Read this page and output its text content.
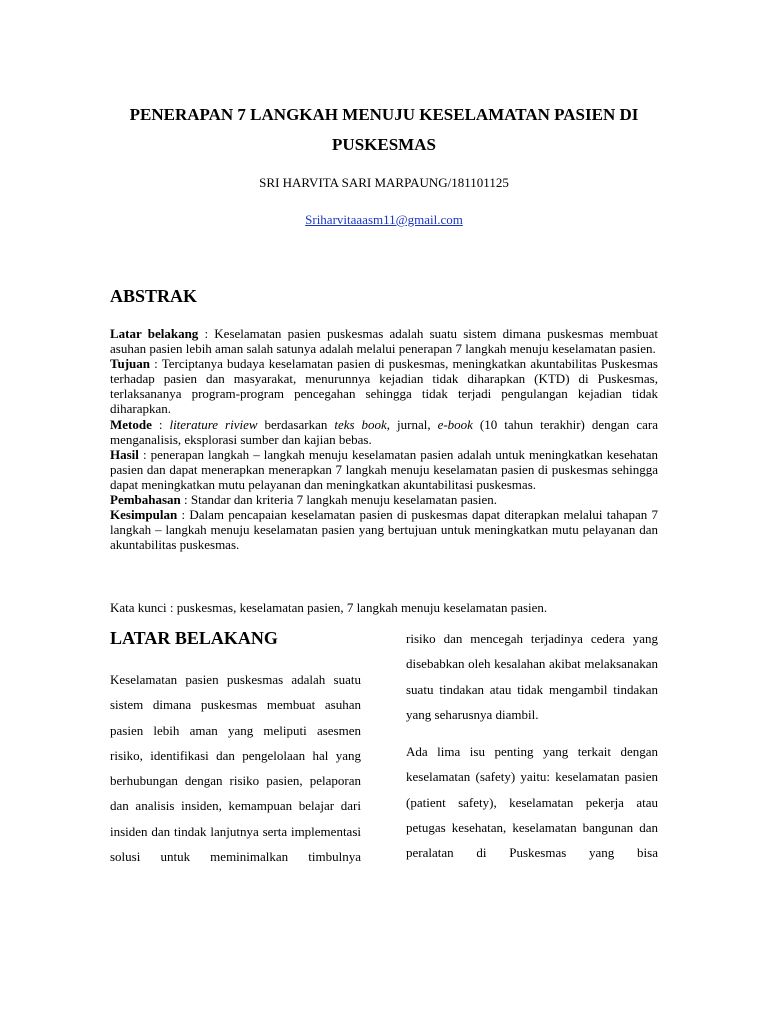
PENERAPAN 7 LANGKAH MENUJU KESELAMATAN PASIEN DI PUSKESMAS
SRI HARVITA SARI MARPAUNG/181101125
Sriharvitaaasm11@gmail.com
ABSTRAK

Latar belakang : Keselamatan pasien puskesmas adalah suatu sistem dimana puskesmas membuat asuhan pasien lebih aman salah satunya adalah melalui penerapan 7 langkah menuju keselamatan pasien.

Tujuan : Terciptanya budaya keselamatan pasien di puskesmas, meningkatkan akuntabilitas Puskesmas terhadap pasien dan masyarakat, menurunnya kejadian tidak diharapkan (KTD) di Puskesmas, terlaksananya program-program pencegahan sehingga tidak terjadi pengulangan kejadian tidak diharapkan.

Metode : literature riview berdasarkan teks book, jurnal, e-book (10 tahun terakhir) dengan cara menganalisis, eksplorasi sumber dan kajian bebas.

Hasil : penerapan langkah – langkah menuju keselamatan pasien adalah untuk meningkatkan kesehatan pasien dan dapat menerapkan menerapkan 7 langkah menuju keselamatan pasien di puskesmas sehingga dapat meningkatkan mutu pelayanan dan meningkatkan akuntabilitasi puskesmas.

Pembahasan : Standar dan kriteria 7 langkah menuju keselamatan pasien.

Kesimpulan : Dalam pencapaian keselamatan pasien di puskesmas dapat diterapkan melalui tahapan 7 langkah – langkah menuju keselamatan pasien yang bertujuan untuk meningkatkan mutu pelayanan dan akuntabilitas puskesmas.

Kata kunci : puskesmas, keselamatan pasien, 7 langkah menuju keselamatan pasien.

LATAR BELAKANG

Keselamatan pasien puskesmas adalah suatu sistem dimana puskesmas membuat asuhan pasien lebih aman yang meliputi asesmen risiko, identifikasi dan pengelolaan hal yang berhubungan dengan risiko pasien, pelaporan dan analisis insiden, kemampuan belajar dari insiden dan tindak lanjutnya serta implementasi solusi untuk meminimalkan timbulnya

risiko dan mencegah terjadinya cedera yang disebabkan oleh kesalahan akibat melaksanakan suatu tindakan atau tidak mengambil tindakan yang seharusnya diambil.

Ada lima isu penting yang terkait dengan keselamatan (safety) yaitu: keselamatan pasien (patient safety), keselamatan pekerja atau petugas kesehatan, keselamatan bangunan dan peralatan di Puskesmas yang bisa
